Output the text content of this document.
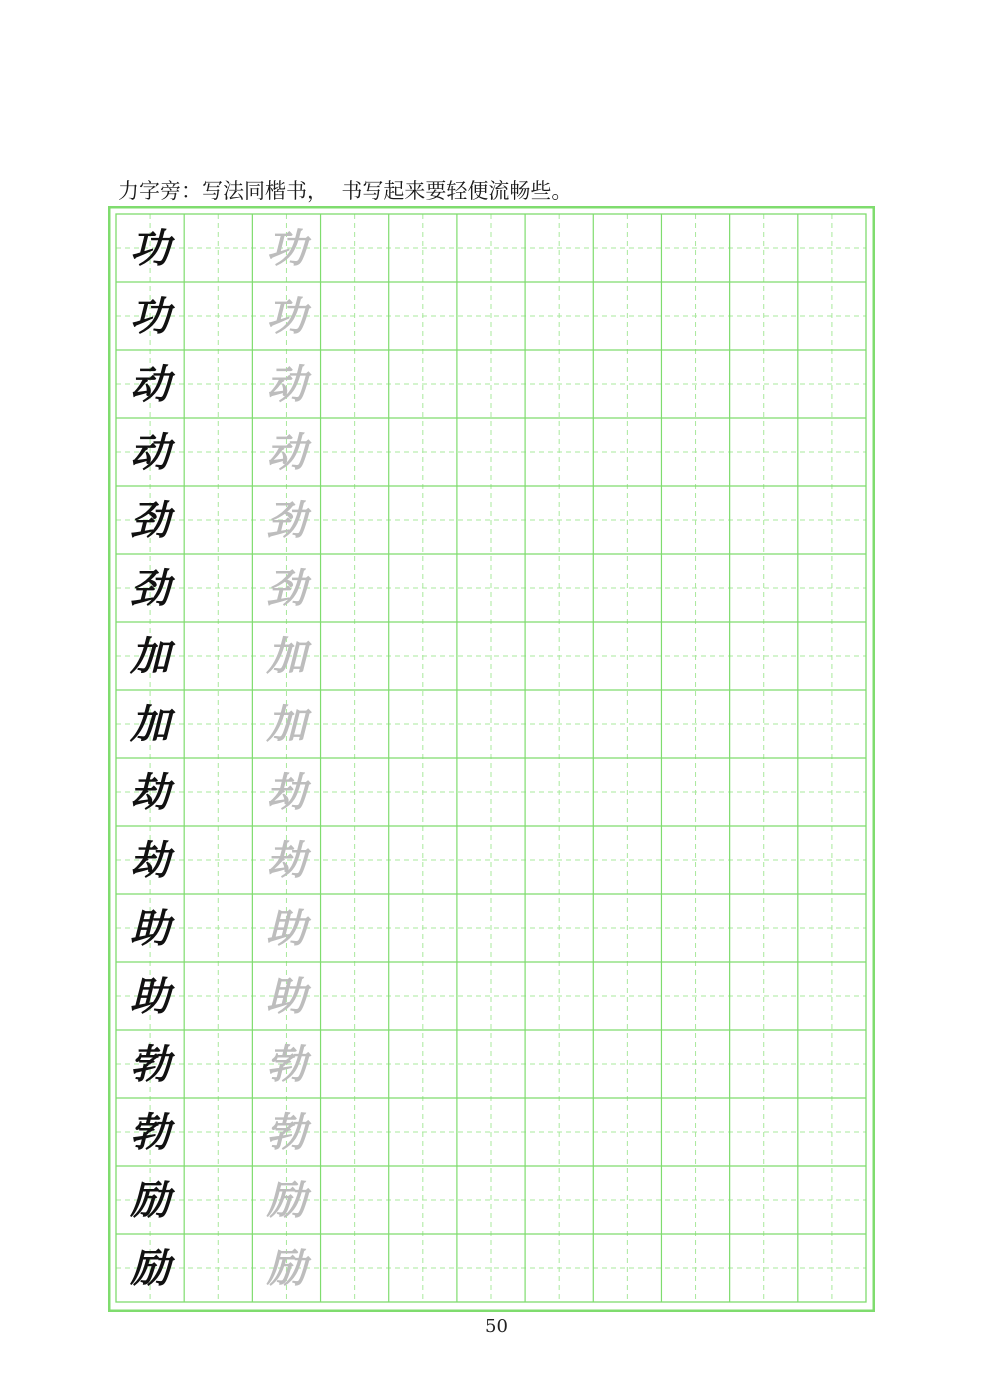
力字旁：写法同楷书，  书写起来要轻便流畅些。
功 功
功 功
动 动
动 动
劲 劲
劲 劲
加 加
加 加
劫 劫
劫 劫
助 助
助 助
勃 勃
勃 勃
励 励
励 励
50
